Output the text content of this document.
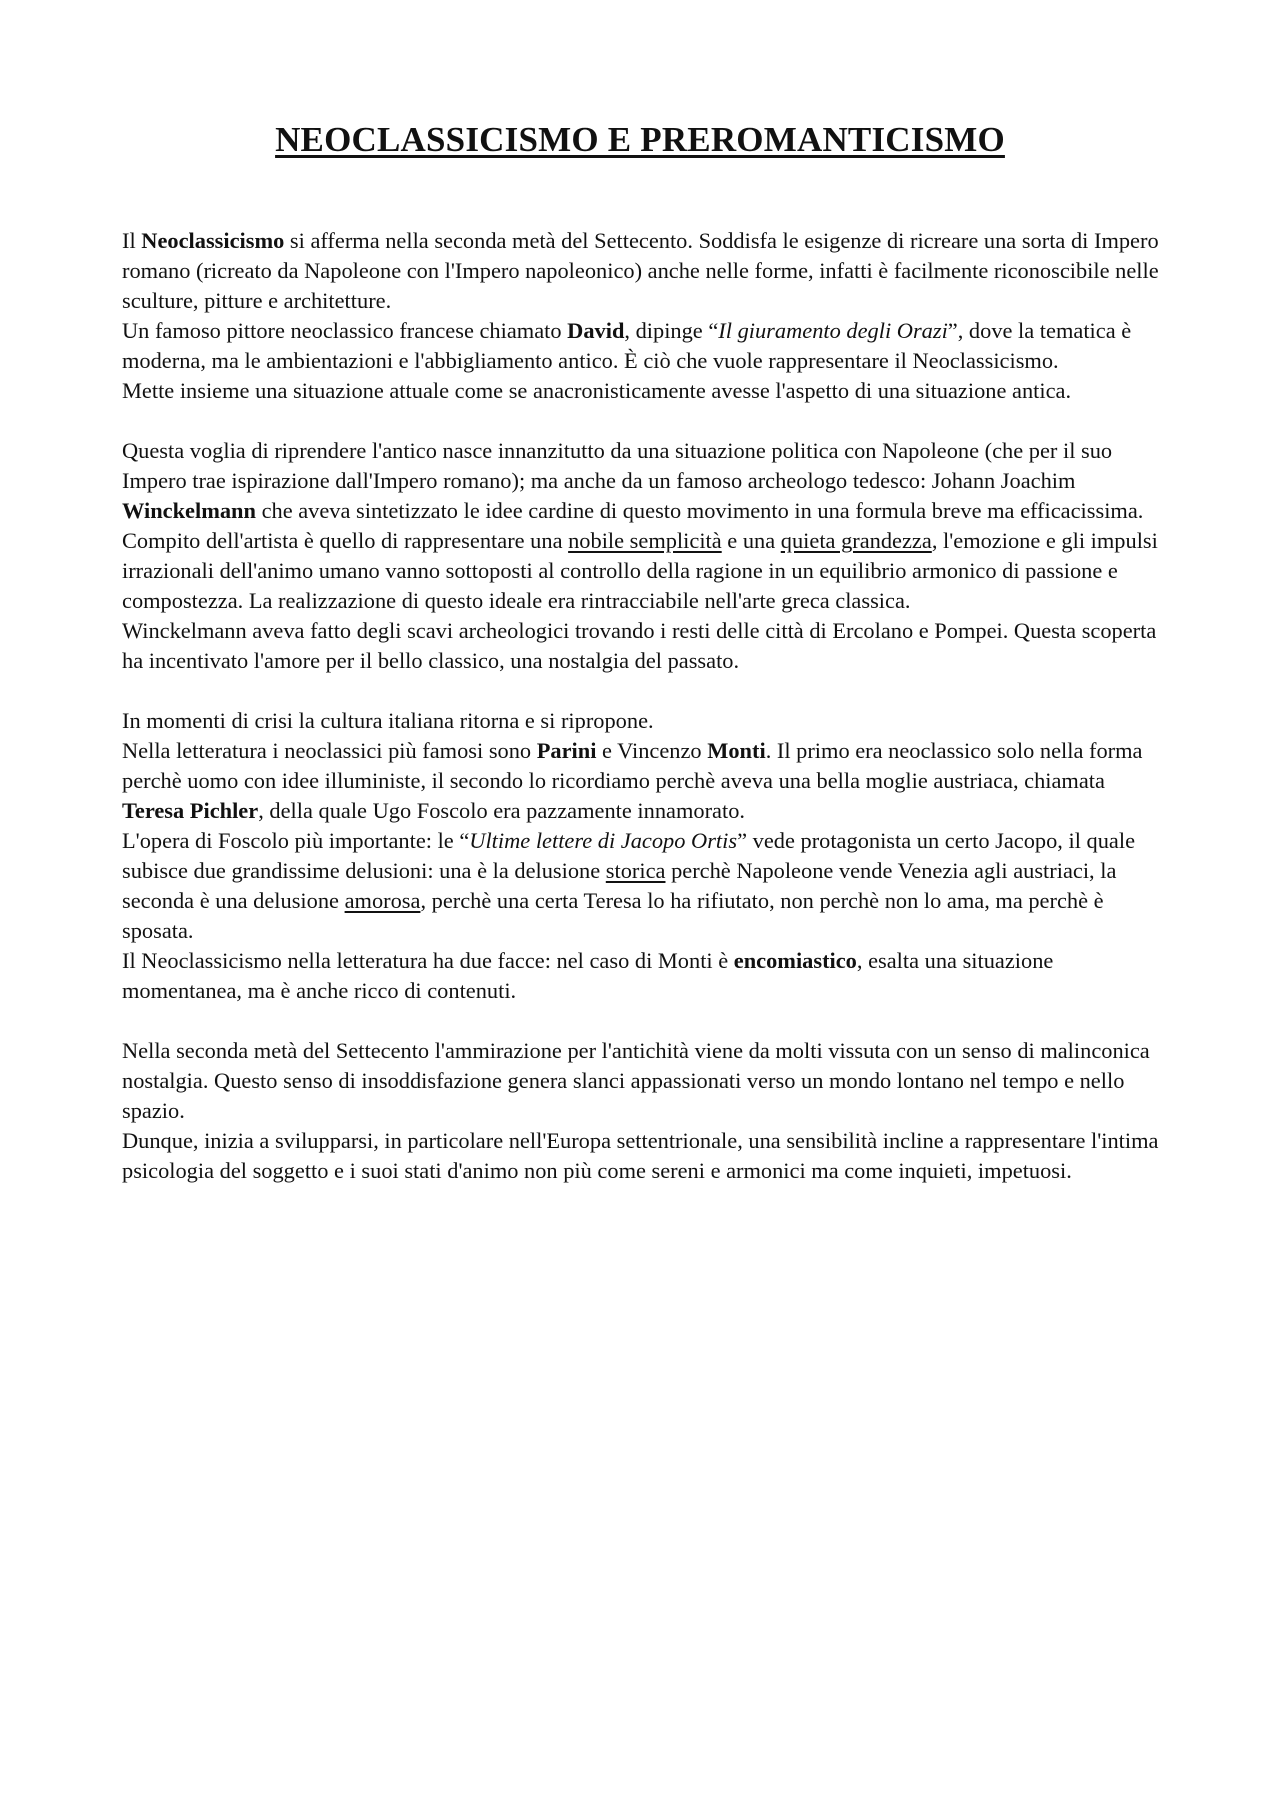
NEOCLASSICISMO E PREROMANTICISMO

Il Neoclassicismo si afferma nella seconda metà del Settecento. Soddisfa le esigenze di ricreare una sorta di Impero romano (ricreato da Napoleone con l'Impero napoleonico) anche nelle forme, infatti è facilmente riconoscibile nelle sculture, pitture e architetture.

Un famoso pittore neoclassico francese chiamato David, dipinge “Il giuramento degli Orazi”, dove la tematica è moderna, ma le ambientazioni e l'abbigliamento antico. È ciò che vuole rappresentare il Neoclassicismo.

Mette insieme una situazione attuale come se anacronisticamente avesse l'aspetto di una situazione antica.

Questa voglia di riprendere l'antico nasce innanzitutto da una situazione politica con Napoleone (che per il suo Impero trae ispirazione dall'Impero romano); ma anche da un famoso archeologo tedesco: Johann Joachim Winckelmann che aveva sintetizzato le idee cardine di questo movimento in una formula breve ma efficacissima. Compito dell'artista è quello di rappresentare una nobile semplicità e una quieta grandezza, l'emozione e gli impulsi irrazionali dell'animo umano vanno sottoposti al controllo della ragione in un equilibrio armonico di passione e compostezza. La realizzazione di questo ideale era rintracciabile nell'arte greca classica.

Winckelmann aveva fatto degli scavi archeologici trovando i resti delle città di Ercolano e Pompei. Questa scoperta ha incentivato l'amore per il bello classico, una nostalgia del passato.

In momenti di crisi la cultura italiana ritorna e si ripropone.

Nella letteratura i neoclassici più famosi sono Parini e Vincenzo Monti. Il primo era neoclassico solo nella forma perchè uomo con idee illuministe, il secondo lo ricordiamo perchè aveva una bella moglie austriaca, chiamata Teresa Pichler, della quale Ugo Foscolo era pazzamente innamorato.

L'opera di Foscolo più importante: le “Ultime lettere di Jacopo Ortis” vede protagonista un certo Jacopo, il quale subisce due grandissime delusioni: una è la delusione storica perchè Napoleone vende Venezia agli austriaci, la seconda è una delusione amorosa, perchè una certa Teresa lo ha rifiutato, non perchè non lo ama, ma perchè è sposata.

Il Neoclassicismo nella letteratura ha due facce: nel caso di Monti è encomiastico, esalta una situazione momentanea, ma è anche ricco di contenuti.

Nella seconda metà del Settecento l'ammirazione per l'antichità viene da molti vissuta con un senso di malinconica nostalgia. Questo senso di insoddisfazione genera slanci appassionati verso un mondo lontano nel tempo e nello spazio.

Dunque, inizia a svilupparsi, in particolare nell'Europa settentrionale, una sensibilità incline a rappresentare l'intima psicologia del soggetto e i suoi stati d'animo non più come sereni e armonici ma come inquieti, impetuosi.
